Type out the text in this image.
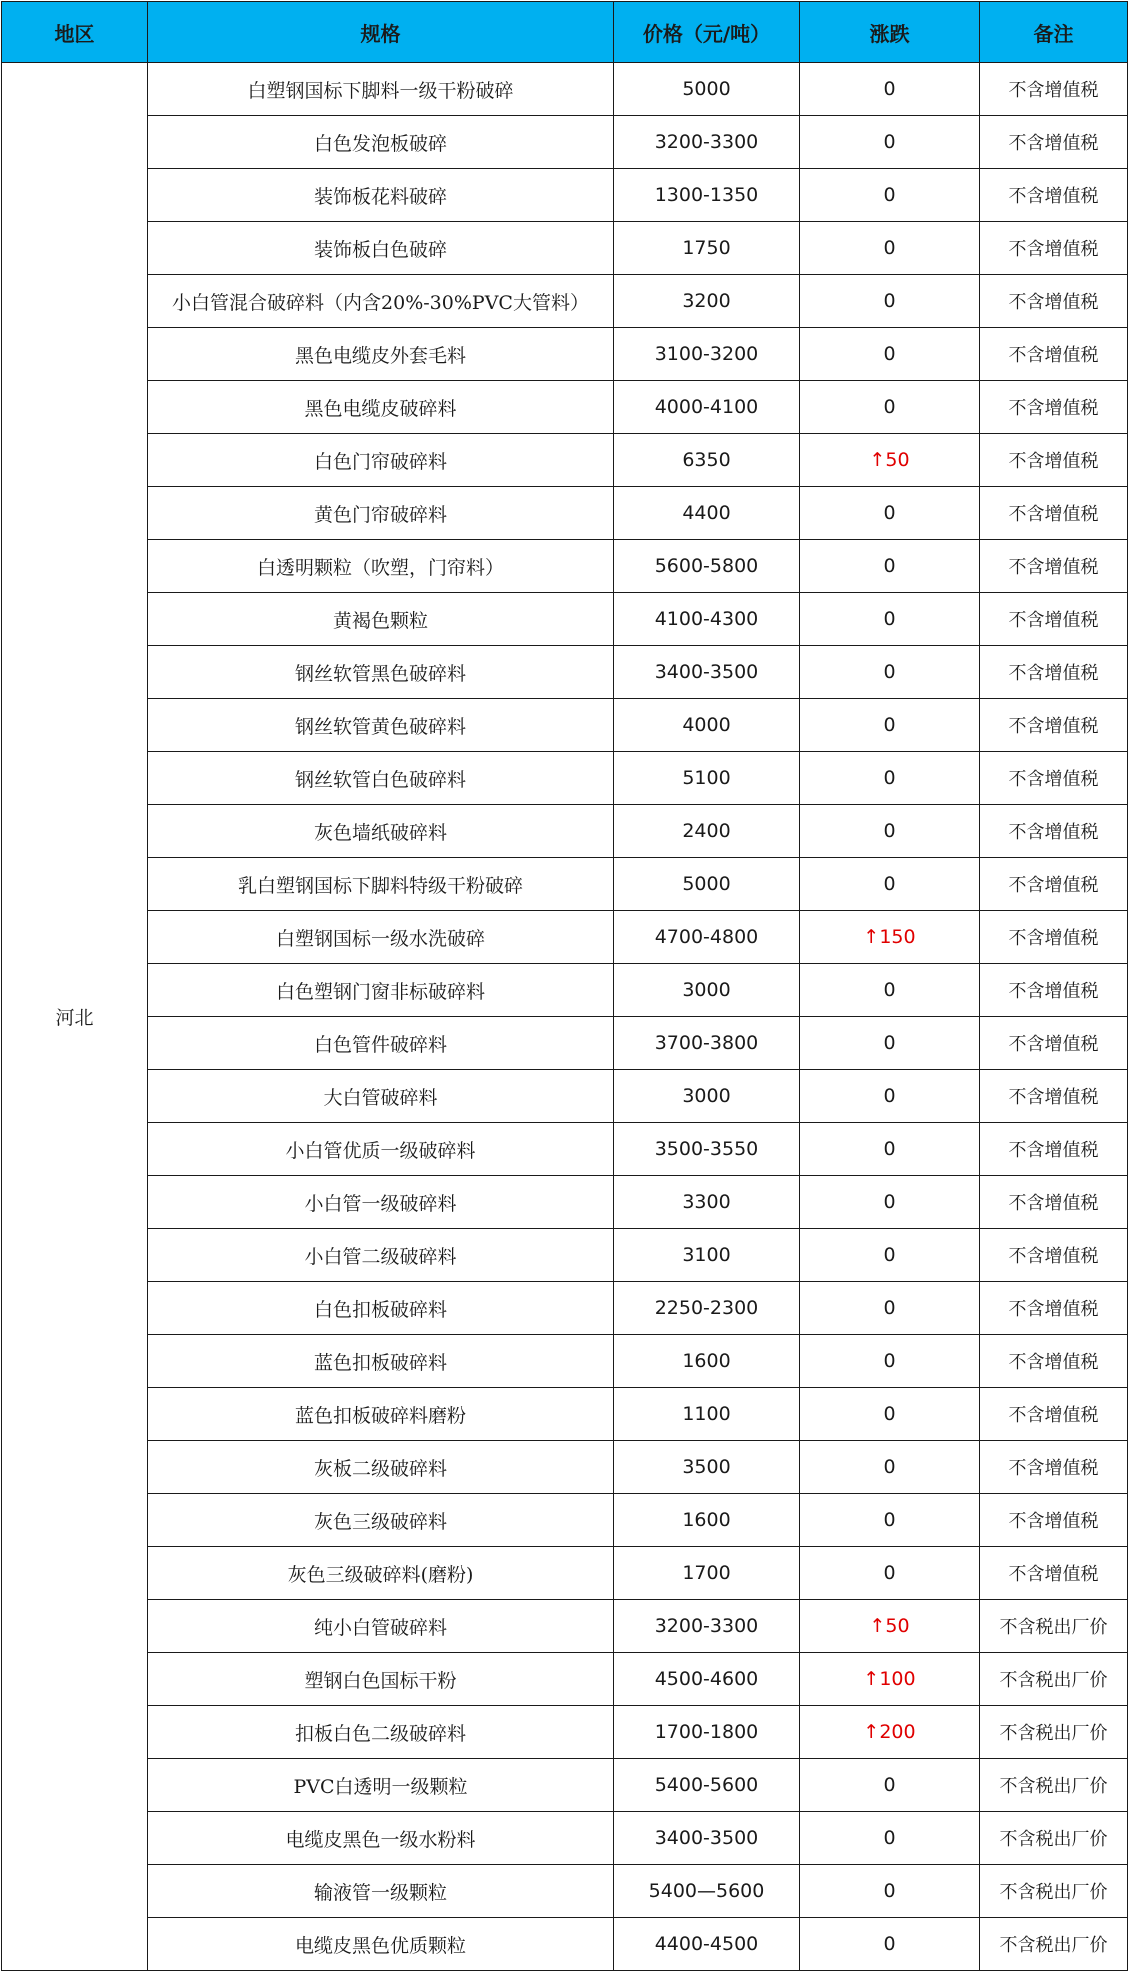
地区	规格	价格（元/吨）	涨跌	备注
河北	白塑钢国标下脚料一级干粉破碎	5000	0	不含增值税
	白色发泡板破碎	3200-3300	0	不含增值税
	装饰板花料破碎	1300-1350	0	不含增值税
	装饰板白色破碎	1750	0	不含增值税
	小白管混合破碎料（内含20%-30%PVC大管料）	3200	0	不含增值税
	黑色电缆皮外套毛料	3100-3200	0	不含增值税
	黑色电缆皮破碎料	4000-4100	0	不含增值税
	白色门帘破碎料	6350	↑50	不含增值税
	黄色门帘破碎料	4400	0	不含增值税
	白透明颗粒（吹塑，门帘料）	5600-5800	0	不含增值税
	黄褐色颗粒	4100-4300	0	不含增值税
	钢丝软管黑色破碎料	3400-3500	0	不含增值税
	钢丝软管黄色破碎料	4000	0	不含增值税
	钢丝软管白色破碎料	5100	0	不含增值税
	灰色墙纸破碎料	2400	0	不含增值税
	乳白塑钢国标下脚料特级干粉破碎	5000	0	不含增值税
	白塑钢国标一级水洗破碎	4700-4800	↑150	不含增值税
	白色塑钢门窗非标破碎料	3000	0	不含增值税
	白色管件破碎料	3700-3800	0	不含增值税
	大白管破碎料	3000	0	不含增值税
	小白管优质一级破碎料	3500-3550	0	不含增值税
	小白管一级破碎料	3300	0	不含增值税
	小白管二级破碎料	3100	0	不含增值税
	白色扣板破碎料	2250-2300	0	不含增值税
	蓝色扣板破碎料	1600	0	不含增值税
	蓝色扣板破碎料磨粉	1100	0	不含增值税
	灰板二级破碎料	3500	0	不含增值税
	灰色三级破碎料	1600	0	不含增值税
	灰色三级破碎料(磨粉)	1700	0	不含增值税
	纯小白管破碎料	3200-3300	↑50	不含税出厂价
	塑钢白色国标干粉	4500-4600	↑100	不含税出厂价
	扣板白色二级破碎料	1700-1800	↑200	不含税出厂价
	PVC白透明一级颗粒	5400-5600	0	不含税出厂价
	电缆皮黑色一级水粉料	3400-3500	0	不含税出厂价
	输液管一级颗粒	5400—5600	0	不含税出厂价
	电缆皮黑色优质颗粒	4400-4500	0	不含税出厂价
